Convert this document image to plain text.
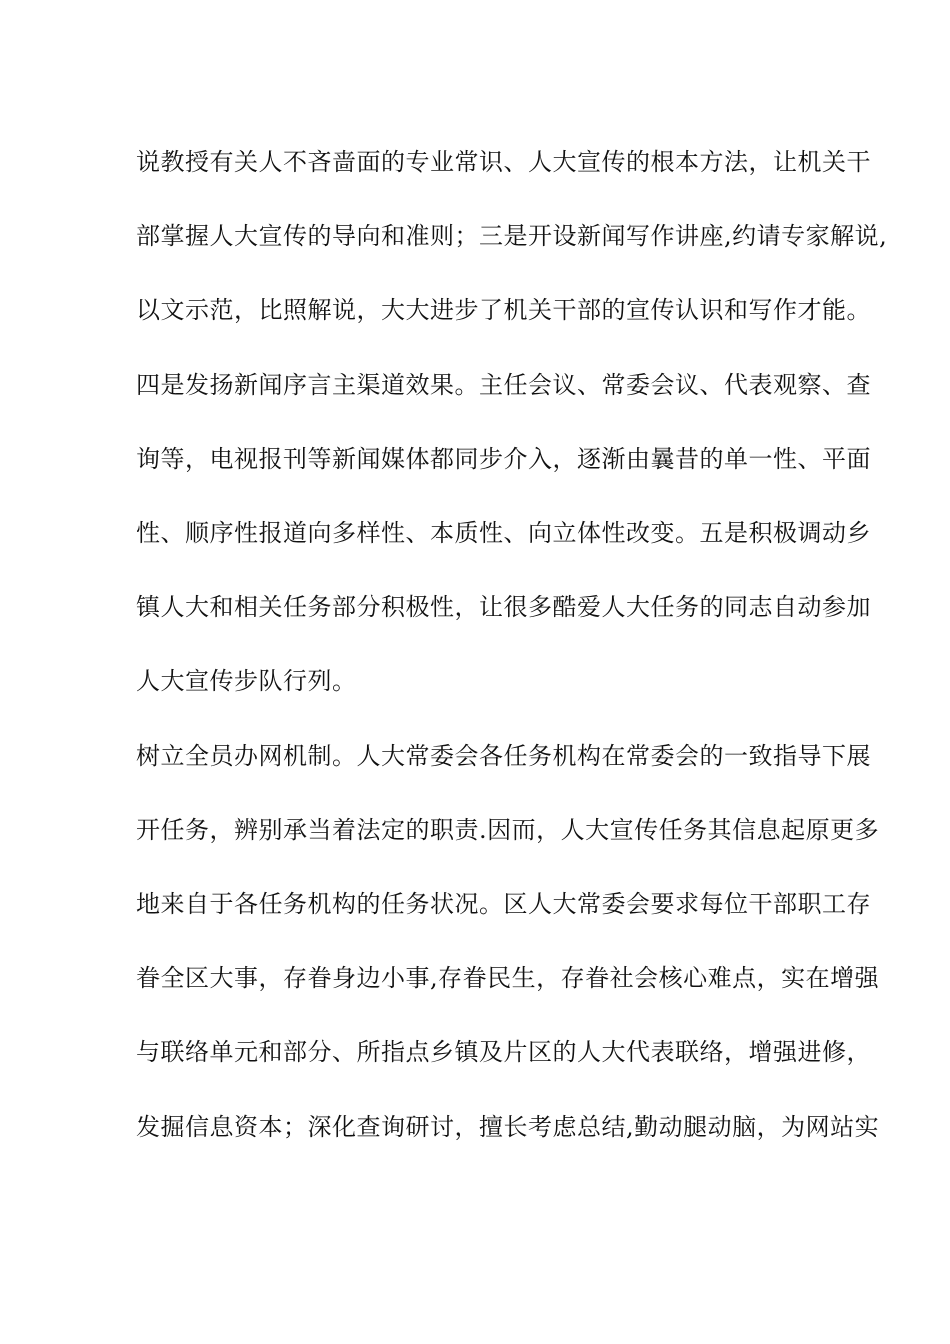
说教授有关人不吝啬面的专业常识、人大宣传的根本方法，让机关干
部掌握人大宣传的导向和准则；三是开设新闻写作讲座,约请专家解说,
以文示范，比照解说，大大进步了机关干部的宣传认识和写作才能。
四是发扬新闻序言主渠道效果。主任会议、常委会议、代表观察、查
询等，电视报刊等新闻媒体都同步介入，逐渐由曩昔的单一性、平面
性、顺序性报道向多样性、本质性、向立体性改变。五是积极调动乡
镇人大和相关任务部分积极性，让很多酷爱人大任务的同志自动参加
人大宣传步队行列。
树立全员办网机制。人大常委会各任务机构在常委会的一致指导下展
开任务，辨别承当着法定的职责.因而，人大宣传任务其信息起原更多
地来自于各任务机构的任务状况。区人大常委会要求每位干部职工存
眷全区大事，存眷身边小事,存眷民生，存眷社会核心难点，实在增强
与联络单元和部分、所指点乡镇及片区的人大代表联络，增强进修，
发掘信息资本；深化查询研讨，擅长考虑总结,勤动腿动脑，为网站实
